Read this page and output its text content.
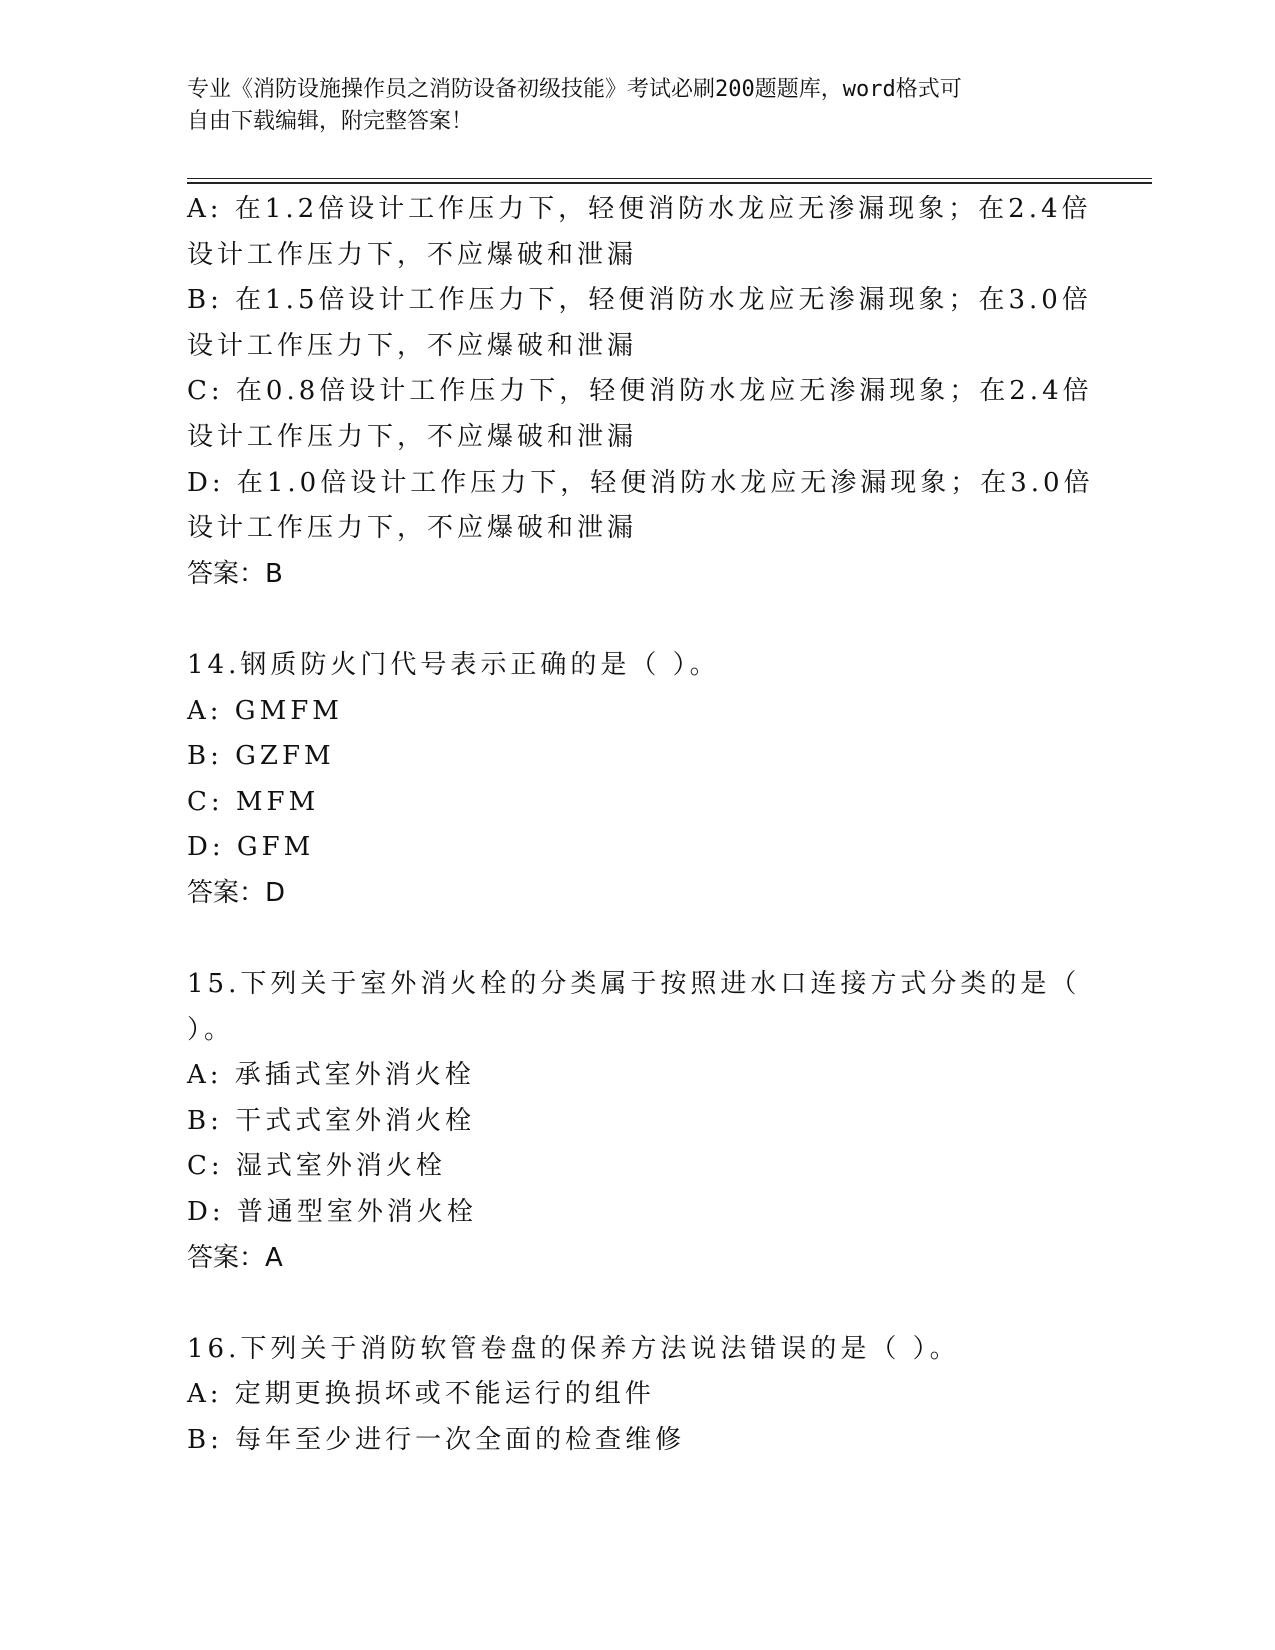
专业《消防设施操作员之消防设备初级技能》考试必刷200题题库，word格式可
自由下载编辑，附完整答案！
A: 在1.2倍设计工作压力下，轻便消防水龙应无渗漏现象；在2.4倍
设计工作压力下，不应爆破和泄漏
B: 在1.5倍设计工作压力下，轻便消防水龙应无渗漏现象；在3.0倍
设计工作压力下，不应爆破和泄漏
C: 在0.8倍设计工作压力下，轻便消防水龙应无渗漏现象；在2.4倍
设计工作压力下，不应爆破和泄漏
D: 在1.0倍设计工作压力下，轻便消防水龙应无渗漏现象；在3.0倍
设计工作压力下，不应爆破和泄漏
答案：B
14.钢质防火门代号表示正确的是（ ）。
A: GMFM
B: GZFM
C: MFM
D: GFM
答案：D
15.下列关于室外消火栓的分类属于按照进水口连接方式分类的是（
）。
A: 承插式室外消火栓
B: 干式式室外消火栓
C: 湿式室外消火栓
D: 普通型室外消火栓
答案：A
16.下列关于消防软管卷盘的保养方法说法错误的是（ ）。
A: 定期更换损坏或不能运行的组件
B: 每年至少进行一次全面的检查维修
